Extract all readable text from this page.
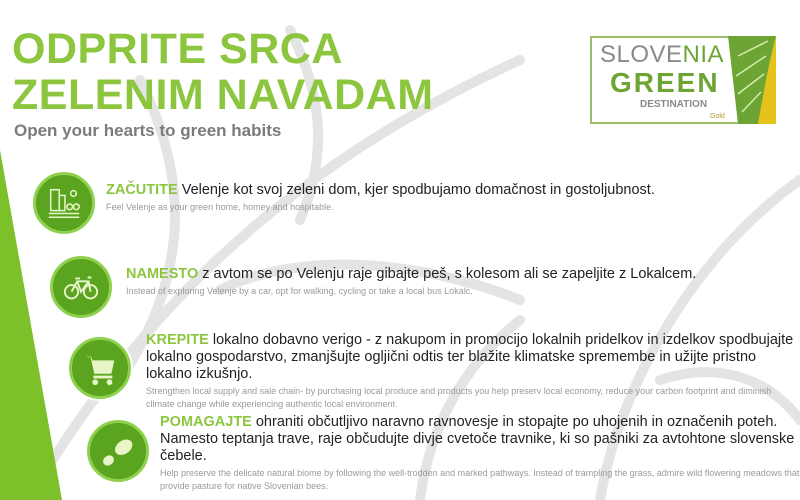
ODPRITE SRCA
ZELENIM NAVADAM
Open your hearts to green habits
SLOVENIA
GREEN
DESTINATION
Gold
ZAČUTITE Velenje kot svoj zeleni dom, kjer spodbujamo domačnost in gostoljubnost.
Feel Velenje as your green home, homey and hospitable.
NAMESTO z avtom se po Velenju raje gibajte peš, s kolesom ali se zapeljite z Lokalcem.
Instead of exploring Velenje by a car, opt for walking, cycling or take a local bus Lokalc.
KREPITE lokalno dobavno verigo - z nakupom in promocijo lokalnih pridelkov in izdelkov spodbujajte lokalno gospodarstvo, zmanjšujte ogljični odtis ter blažite klimatske spremembe in užijte pristno lokalno izkušnjo.
Strengthen local supply and sale chain- by purchasing local produce and products you help preserv local economy, reduce your carbon footprint and diminish climate change while experiencing authentic local environment.
POMAGAJTE ohraniti občutljivo naravno ravnovesje in stopajte po uhojenih in označenih poteh. Namesto teptanja trave, raje občudujte divje cvetoče travnike, ki so pašniki za avtohtone slovenske čebele.
Help preserve the delicate natural biome by following the well-trodden and marked pathways. Instead of trampling the grass, admire wild flowering meadows that provide pasture for native Slovenian bees.
